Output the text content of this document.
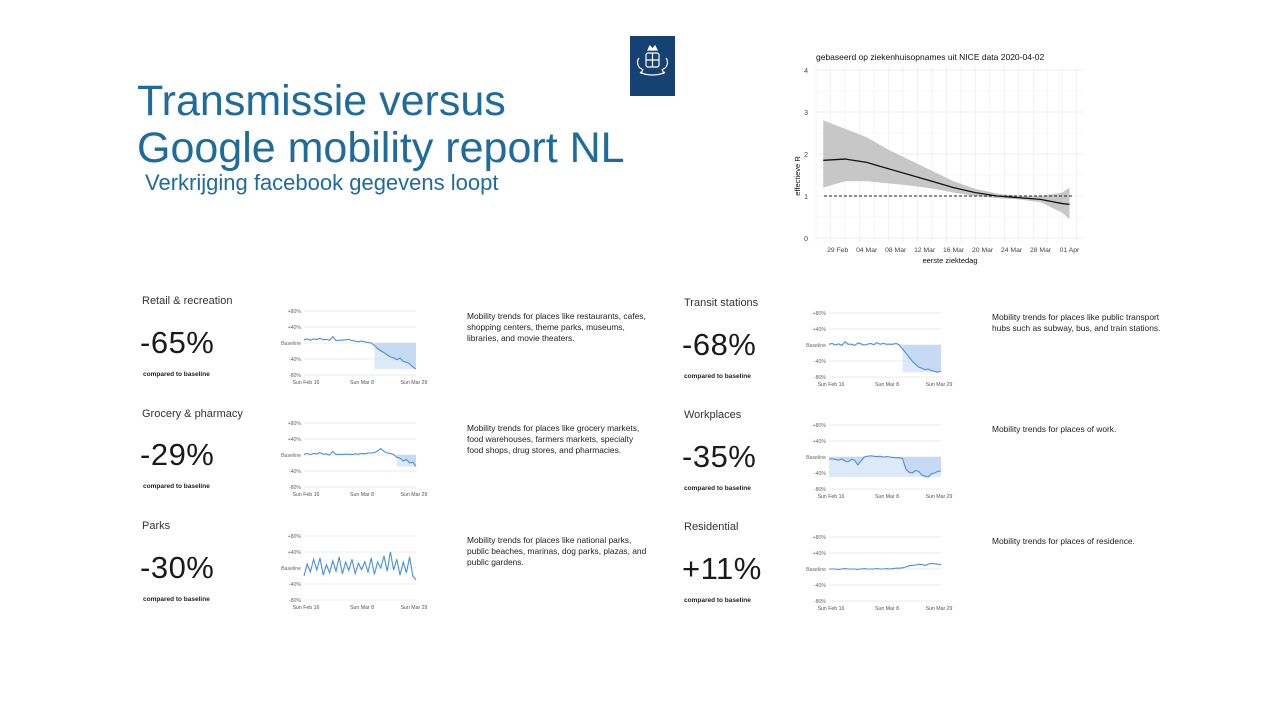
Transmissie versus
Google mobility report NL
Verkrijging facebook gegevens loopt
gebaseerd op ziekenhuisopnames uit NICE data 2020-04-02
effectieve R
eerste ziektedag
0
1
2
3
4
29 Feb 04 Mar 08 Mar 12 Mar 16 Mar 20 Mar 24 Mar 28 Mar 01 Apr
Retail & recreation
-65%
compared to baseline
+80%
+40%
Baseline
-40%
-80%
Sun Feb 16	Sun Mar 8	Sun Mar 29
Mobility trends for places like restaurants, cafes, shopping centers, theme parks, museums, libraries, and movie theaters.
Grocery & pharmacy
-29%
compared to baseline
+80%
+40%
Baseline
-40%
-80%
Sun Feb 16	Sun Mar 8	Sun Mar 29
Mobility trends for places like grocery markets, food warehouses, farmers markets, specialty food shops, drug stores, and pharmacies.
Parks
-30%
compared to baseline
+80%
+40%
Baseline
-40%
-80%
Sun Feb 16	Sun Mar 8	Sun Mar 29
Mobility trends for places like national parks, public beaches, marinas, dog parks, plazas, and public gardens.
Transit stations
-68%
compared to baseline
+80%
+40%
Baseline
-40%
-80%
Sun Feb 16	Sun Mar 8	Sun Mar 29
Mobility trends for places like public transport hubs such as subway, bus, and train stations.
Workplaces
-35%
compared to baseline
+80%
+40%
Baseline
-40%
-80%
Sun Feb 16	Sun Mar 8	Sun Mar 29
Mobility trends for places of work.
Residential
+11%
compared to baseline
+80%
+40%
Baseline
-40%
-80%
Sun Feb 16	Sun Mar 8	Sun Mar 29
Mobility trends for places of residence.
